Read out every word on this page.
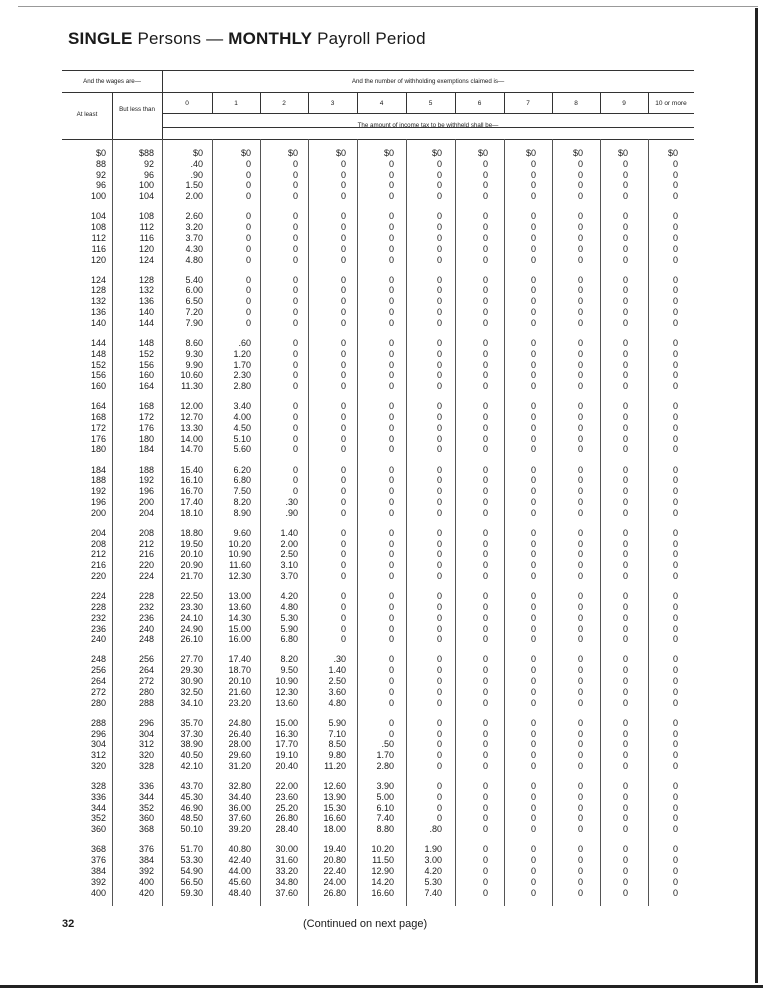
SINGLE Persons — MONTHLY Payroll Period
And the wages are—	And the number of withholding exemptions claimed is—
At least
But less than
The amount of income tax to be withheld shall be—
0	1	2	3	4	5	6	7	8	9	10 or more
$0	$88	$0	$0	$0	$0	$0	$0	$0	$0	$0	$0	$0
88	92	.40	0	0	0	0	0	0	0	0	0	0
92	96	.90	0	0	0	0	0	0	0	0	0	0
96	100	1.50	0	0	0	0	0	0	0	0	0	0
100	104	2.00	0	0	0	0	0	0	0	0	0	0
104	108	2.60	0	0	0	0	0	0	0	0	0	0
108	112	3.20	0	0	0	0	0	0	0	0	0	0
112	116	3.70	0	0	0	0	0	0	0	0	0	0
116	120	4.30	0	0	0	0	0	0	0	0	0	0
120	124	4.80	0	0	0	0	0	0	0	0	0	0
124	128	5.40	0	0	0	0	0	0	0	0	0	0
128	132	6.00	0	0	0	0	0	0	0	0	0	0
132	136	6.50	0	0	0	0	0	0	0	0	0	0
136	140	7.20	0	0	0	0	0	0	0	0	0	0
140	144	7.90	0	0	0	0	0	0	0	0	0	0
144	148	8.60	.60	0	0	0	0	0	0	0	0	0
148	152	9.30	1.20	0	0	0	0	0	0	0	0	0
152	156	9.90	1.70	0	0	0	0	0	0	0	0	0
156	160	10.60	2.30	0	0	0	0	0	0	0	0	0
160	164	11.30	2.80	0	0	0	0	0	0	0	0	0
164	168	12.00	3.40	0	0	0	0	0	0	0	0	0
168	172	12.70	4.00	0	0	0	0	0	0	0	0	0
172	176	13.30	4.50	0	0	0	0	0	0	0	0	0
176	180	14.00	5.10	0	0	0	0	0	0	0	0	0
180	184	14.70	5.60	0	0	0	0	0	0	0	0	0
184	188	15.40	6.20	0	0	0	0	0	0	0	0	0
188	192	16.10	6.80	0	0	0	0	0	0	0	0	0
192	196	16.70	7.50	0	0	0	0	0	0	0	0	0
196	200	17.40	8.20	.30	0	0	0	0	0	0	0	0
200	204	18.10	8.90	.90	0	0	0	0	0	0	0	0
204	208	18.80	9.60	1.40	0	0	0	0	0	0	0	0
208	212	19.50	10.20	2.00	0	0	0	0	0	0	0	0
212	216	20.10	10.90	2.50	0	0	0	0	0	0	0	0
216	220	20.90	11.60	3.10	0	0	0	0	0	0	0	0
220	224	21.70	12.30	3.70	0	0	0	0	0	0	0	0
224	228	22.50	13.00	4.20	0	0	0	0	0	0	0	0
228	232	23.30	13.60	4.80	0	0	0	0	0	0	0	0
232	236	24.10	14.30	5.30	0	0	0	0	0	0	0	0
236	240	24.90	15.00	5.90	0	0	0	0	0	0	0	0
240	248	26.10	16.00	6.80	0	0	0	0	0	0	0	0
248	256	27.70	17.40	8.20	.30	0	0	0	0	0	0	0
256	264	29.30	18.70	9.50	1.40	0	0	0	0	0	0	0
264	272	30.90	20.10	10.90	2.50	0	0	0	0	0	0	0
272	280	32.50	21.60	12.30	3.60	0	0	0	0	0	0	0
280	288	34.10	23.20	13.60	4.80	0	0	0	0	0	0	0
288	296	35.70	24.80	15.00	5.90	0	0	0	0	0	0	0
296	304	37.30	26.40	16.30	7.10	0	0	0	0	0	0	0
304	312	38.90	28.00	17.70	8.50	.50	0	0	0	0	0	0
312	320	40.50	29.60	19.10	9.80	1.70	0	0	0	0	0	0
320	328	42.10	31.20	20.40	11.20	2.80	0	0	0	0	0	0
328	336	43.70	32.80	22.00	12.60	3.90	0	0	0	0	0	0
336	344	45.30	34.40	23.60	13.90	5.00	0	0	0	0	0	0
344	352	46.90	36.00	25.20	15.30	6.10	0	0	0	0	0	0
352	360	48.50	37.60	26.80	16.60	7.40	0	0	0	0	0	0
360	368	50.10	39.20	28.40	18.00	8.80	.80	0	0	0	0	0
368	376	51.70	40.80	30.00	19.40	10.20	1.90	0	0	0	0	0
376	384	53.30	42.40	31.60	20.80	11.50	3.00	0	0	0	0	0
384	392	54.90	44.00	33.20	22.40	12.90	4.20	0	0	0	0	0
392	400	56.50	45.60	34.80	24.00	14.20	5.30	0	0	0	0	0
400	420	59.30	48.40	37.60	26.80	16.60	7.40	0	0	0	0	0
32	(Continued on next page)
